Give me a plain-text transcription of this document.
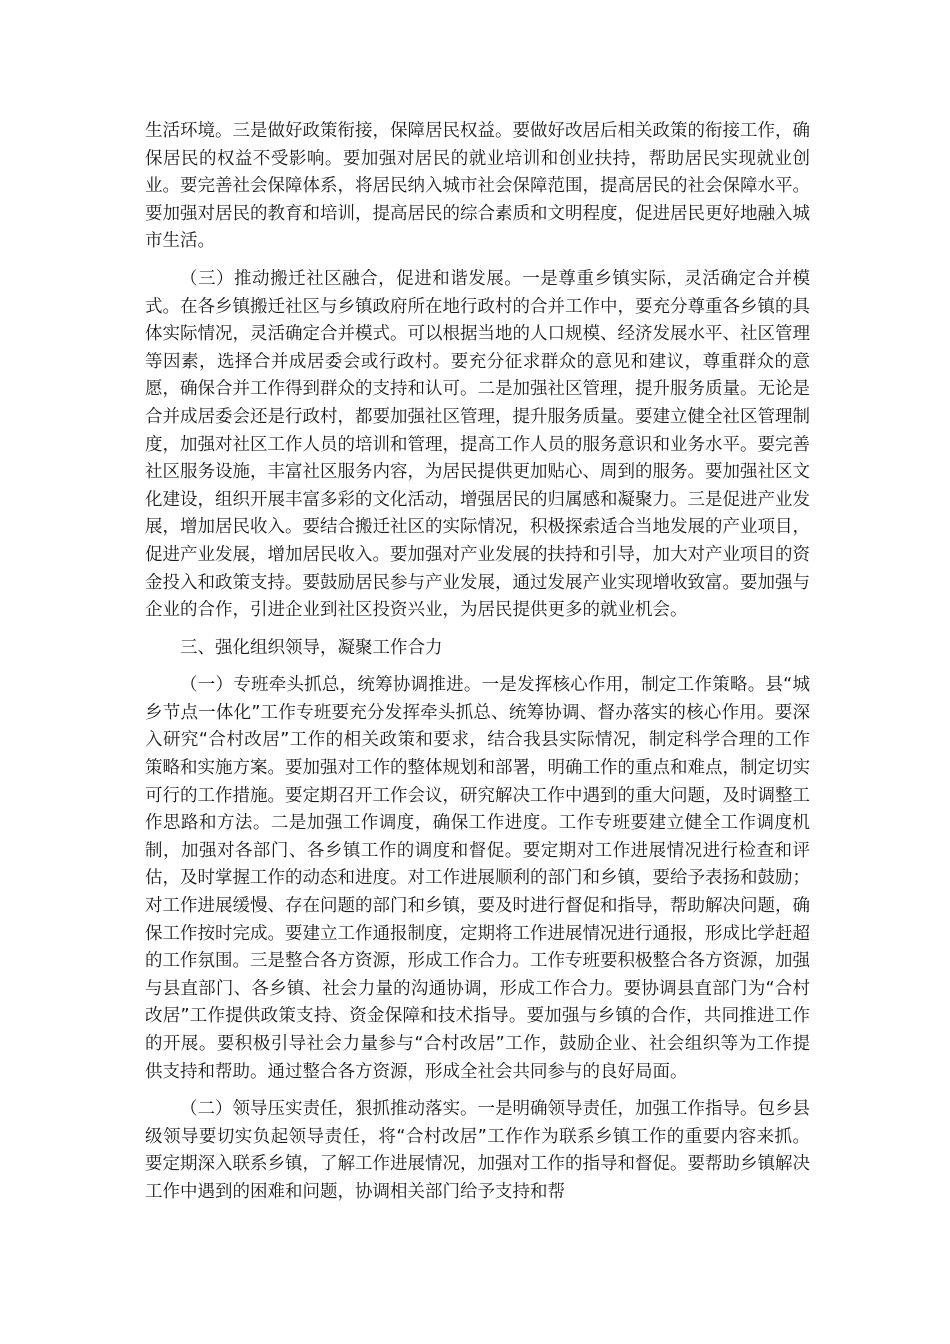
生活环境。三是做好政策衔接，保障居民权益。要做好改居后相关政策的衔接工作，确保居民的权益不受影响。要加强对居民的就业培训和创业扶持，帮助居民实现就业创业。要完善社会保障体系，将居民纳入城市社会保障范围，提高居民的社会保障水平。要加强对居民的教育和培训，提高居民的综合素质和文明程度，促进居民更好地融入城市生活。

（三）推动搬迁社区融合，促进和谐发展。一是尊重乡镇实际，灵活确定合并模式。在各乡镇搬迁社区与乡镇政府所在地行政村的合并工作中，要充分尊重各乡镇的具体实际情况，灵活确定合并模式。可以根据当地的人口规模、经济发展水平、社区管理等因素，选择合并成居委会或行政村。要充分征求群众的意见和建议，尊重群众的意愿，确保合并工作得到群众的支持和认可。二是加强社区管理，提升服务质量。无论是合并成居委会还是行政村，都要加强社区管理，提升服务质量。要建立健全社区管理制度，加强对社区工作人员的培训和管理，提高工作人员的服务意识和业务水平。要完善社区服务设施，丰富社区服务内容，为居民提供更加贴心、周到的服务。要加强社区文化建设，组织开展丰富多彩的文化活动，增强居民的归属感和凝聚力。三是促进产业发展，增加居民收入。要结合搬迁社区的实际情况，积极探索适合当地发展的产业项目，促进产业发展，增加居民收入。要加强对产业发展的扶持和引导，加大对产业项目的资金投入和政策支持。要鼓励居民参与产业发展，通过发展产业实现增收致富。要加强与企业的合作，引进企业到社区投资兴业，为居民提供更多的就业机会。

三、强化组织领导，凝聚工作合力

（一）专班牵头抓总，统筹协调推进。一是发挥核心作用，制定工作策略。县“城乡节点一体化”工作专班要充分发挥牵头抓总、统筹协调、督办落实的核心作用。要深入研究“合村改居”工作的相关政策和要求，结合我县实际情况，制定科学合理的工作策略和实施方案。要加强对工作的整体规划和部署，明确工作的重点和难点，制定切实可行的工作措施。要定期召开工作会议，研究解决工作中遇到的重大问题，及时调整工作思路和方法。二是加强工作调度，确保工作进度。工作专班要建立健全工作调度机制，加强对各部门、各乡镇工作的调度和督促。要定期对工作进展情况进行检查和评估，及时掌握工作的动态和进度。对工作进展顺利的部门和乡镇，要给予表扬和鼓励；对工作进展缓慢、存在问题的部门和乡镇，要及时进行督促和指导，帮助解决问题，确保工作按时完成。要建立工作通报制度，定期将工作进展情况进行通报，形成比学赶超的工作氛围。三是整合各方资源，形成工作合力。工作专班要积极整合各方资源，加强与县直部门、各乡镇、社会力量的沟通协调，形成工作合力。要协调县直部门为“合村改居”工作提供政策支持、资金保障和技术指导。要加强与乡镇的合作，共同推进工作的开展。要积极引导社会力量参与“合村改居”工作，鼓励企业、社会组织等为工作提供支持和帮助。通过整合各方资源，形成全社会共同参与的良好局面。

（二）领导压实责任，狠抓推动落实。一是明确领导责任，加强工作指导。包乡县级领导要切实负起领导责任，将“合村改居”工作作为联系乡镇工作的重要内容来抓。要定期深入联系乡镇，了解工作进展情况，加强对工作的指导和督促。要帮助乡镇解决工作中遇到的困难和问题，协调相关部门给予支持和帮
